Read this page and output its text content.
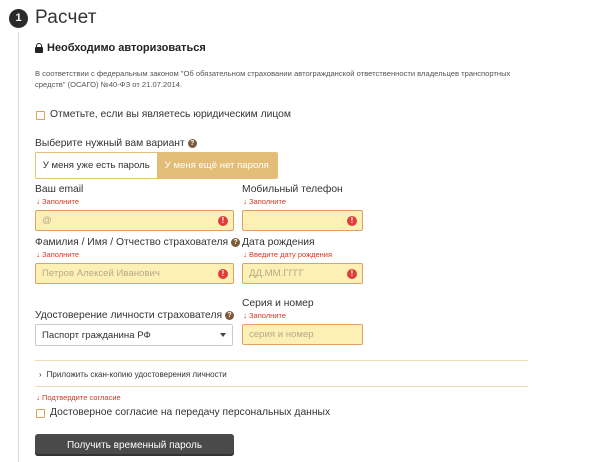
1 Расчет
Необходимо авторизоваться
В соответствии с федеральным законом "Об обязательном страховании автогражданской ответственности владельцев транспортных средств" (ОСАГО) №40-ФЗ от 21.07.2014.
Отметьте, если вы являетесь юридическим лицом
Выберите нужный вам вариант ?
У меня уже есть пароль	У меня ещё нет пароля
Ваш email
↓ Заполните
@	!
Мобильный телефон
↓ Заполните
!
Фамилия / Имя / Отчество страхователя ?
↓ Заполните
Петров Алексей Иванович	!
Дата рождения
↓ Введите дату рождения
ДД.ММ.ГГГГ	!
Удостоверение личности страхователя ?
Паспорт гражданина РФ
Серия и номер
↓ Заполните
серия и номер
› Приложить скан-копию удостоверения личности
↓ Подтвердите согласие
Достоверное согласие на передачу персональных данных
Получить временный пароль
